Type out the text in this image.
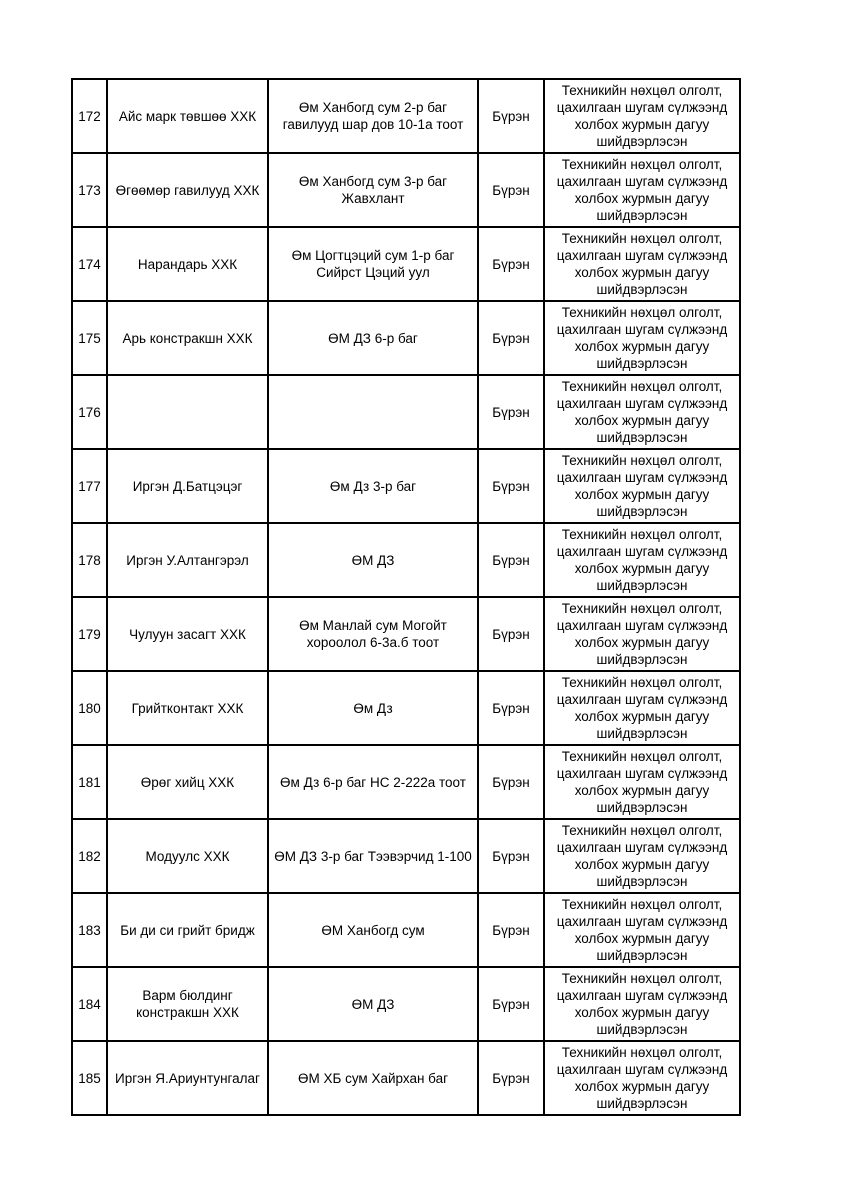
172	Айс марк төвшөө ХХК	Өм Ханбогд сум 2-р баг гавилууд шар дов 10-1а тоот	Бүрэн	Техникийн нөхцөл олголт, цахилгаан шугам сүлжээнд холбох журмын дагуу шийдвэрлэсэн
173	Өгөөмөр гавилууд ХХК	Өм Ханбогд сум 3-р баг Жавхлант	Бүрэн	Техникийн нөхцөл олголт, цахилгаан шугам сүлжээнд холбох журмын дагуу шийдвэрлэсэн
174	Нарандарь ХХК	Өм Цогтцэций сум 1-р баг Сийрст Цэций уул	Бүрэн	Техникийн нөхцөл олголт, цахилгаан шугам сүлжээнд холбох журмын дагуу шийдвэрлэсэн
175	Арь констракшн ХХК	ӨМ ДЗ 6-р баг	Бүрэн	Техникийн нөхцөл олголт, цахилгаан шугам сүлжээнд холбох журмын дагуу шийдвэрлэсэн
176			Бүрэн	Техникийн нөхцөл олголт, цахилгаан шугам сүлжээнд холбох журмын дагуу шийдвэрлэсэн
177	Иргэн Д.Батцэцэг	Өм Дз 3-р баг	Бүрэн	Техникийн нөхцөл олголт, цахилгаан шугам сүлжээнд холбох журмын дагуу шийдвэрлэсэн
178	Иргэн У.Алтангэрэл	ӨМ ДЗ	Бүрэн	Техникийн нөхцөл олголт, цахилгаан шугам сүлжээнд холбох журмын дагуу шийдвэрлэсэн
179	Чулуун засагт ХХК	Өм Манлай сум Могойт хороолол 6-3а.б тоот	Бүрэн	Техникийн нөхцөл олголт, цахилгаан шугам сүлжээнд холбох журмын дагуу шийдвэрлэсэн
180	Грийтконтакт ХХК	Өм Дз	Бүрэн	Техникийн нөхцөл олголт, цахилгаан шугам сүлжээнд холбох журмын дагуу шийдвэрлэсэн
181	Өрөг хийц ХХК	Өм Дз 6-р баг НС 2-222а тоот	Бүрэн	Техникийн нөхцөл олголт, цахилгаан шугам сүлжээнд холбох журмын дагуу шийдвэрлэсэн
182	Модуулс ХХК	ӨМ ДЗ 3-р баг Тээвэрчид 1-100	Бүрэн	Техникийн нөхцөл олголт, цахилгаан шугам сүлжээнд холбох журмын дагуу шийдвэрлэсэн
183	Би ди си грийт бридж	ӨМ Ханбогд сум	Бүрэн	Техникийн нөхцөл олголт, цахилгаан шугам сүлжээнд холбох журмын дагуу шийдвэрлэсэн
184	Варм бюлдинг констракшн ХХК	ӨМ ДЗ	Бүрэн	Техникийн нөхцөл олголт, цахилгаан шугам сүлжээнд холбох журмын дагуу шийдвэрлэсэн
185	Иргэн Я.Ариунтунгалаг	ӨМ ХБ сум Хайрхан баг	Бүрэн	Техникийн нөхцөл олголт, цахилгаан шугам сүлжээнд холбох журмын дагуу шийдвэрлэсэн
